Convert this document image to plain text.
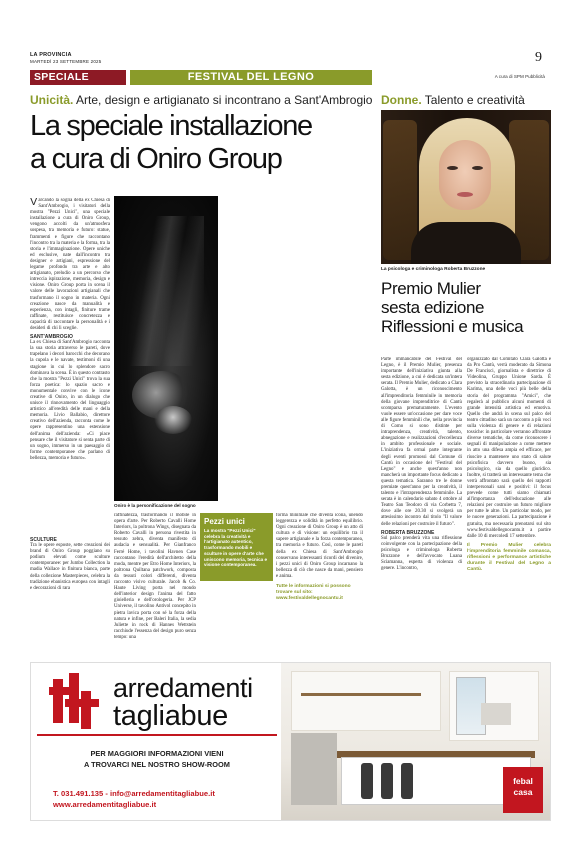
LA PROVINCIA
MARTEDÌ 23 SETTEMBRE 2025	9
SPECIALE	FESTIVAL DEL LEGNO	A cura di SPM Pubblicità
Unicità. Arte, design e artigianato si incontrano a Sant'Ambrogio
La speciale installazione
a cura di Oniro Group

Varcando la soglia della ex Chiesa di Sant'Ambrogio, i visitatori della mostra "Pezzi Unici", una speciale installazione a cura di Oniro Group, vengono accolti da un'atmosfera sospesa, tra memoria e futuro: statue, frammenti e figure che raccontano l'incontro tra la materia e la forma, tra la storia e l'immaginazione. Opere uniche ed esclusive, nate dall'incontro tra designer e artigiani, espressione del legame profondo tra arte e alto artigianato, preludio a un percorso che intreccia ispirazione, memoria, design e visione. Oniro Group porta in scena il valore delle lavorazioni artigianali che trasformano il sogno in materia. Ogni creazione nasce da manualità e esperienza, con intagli, finiture trame raffinate, restituisce concretezza e capacità di raccontare la personalità e i desideri di chi li sceglie.

SANT'AMBROGIO

La ex Chiesa di Sant'Ambrogio racconta la sua storia attraverso le pareti, dove trapelano i decori barocchi che decorano la cupola e le navate, testimoni di una stagione in cui lo splendore sacro dominava la scena. È in questo contrasto che la mostra "Pezzi Unici" trova la sua forza poetica: lo spazio sacro e monumentale convive con le icone creative di Oniro, in un dialogo che unisce il rinnovamento del linguaggio artistico all'eredità delle mani e della memoria. Livio Ballabio, direttore creativo dell'azienda, racconta come le opere rappresentino una estensione dell'anima dell'azienda: «Ci piace pensare che il visitatore si senta parte di un sogno, immerso in un paesaggio di forme contemporanee che parlano di bellezza, memoria e futuro».

SCULTURE

Tra le opere esposte, sette creazioni dei brand di Oniro Group poggiano su podium elevati come sculture contemporanee: per Jumbo Collection la madia Wallace in finitura bianca, parte della collezione Masterpieces, celebra la tradizione ebanistica europea con intagli e decorazioni di rara

Oniro è la personificazione del sogno

raffinatezza, trasformando il mobile in opera d'arte. Per Roberto Cavalli Home Interiors, la poltrona Wings, disegnata da Roberto Cavalli in persona rivestita in tessuto zebra, diventa manifesto di audacia e sensualità. Per Gianfranco Ferré Home, i tavolini Havnen Case raccontano l'eredità dell'architetto della moda, mentre per Etro Home Interiors, la poltrona Quiltana patchwork, composta da tessuti colori differenti, diventa racconto visivo culturale. Jacob & Co. Haute Living porta nel mondo dell'interior design l'anima del fatto gioielleria e dell'orologeria. Per JCP Universe, il tavolino Antivol concepito in pietra lavica porta con sé la forza della natura e infine, per Baleri Italia, la sedia Juliette in rock di Hannes Wettstein racchiude l'essenza del design puro senza tempo: una

Pezzi unici
La mostra "Pezzi Unici" celebra la creatività e l'artigianato autentico, trasformando mobili e sculture in opere d'arte che uniscono memoria, tecnica e visione contemporanea.

forma minimale che diventa icona, unendo leggerezza e solidità in perfetto equilibrio. Ogni creazione di Oniro Group è un atto di cultura e di visione: un equilibrio tra il sapere artigianale e la forza contemporanea, tra memoria e futuro. Così, come le pareti della ex Chiesa di Sant'Ambrogio conservano interessanti ricordi del divenire, i pezzi unici di Oniro Group incarnano la bellezza di ciò che nasce da mani, pensiero e anima.

Tutte le informazioni si possono

trovare sul sito:

www.festivaldellegnocantu.it

Donne. Talento e creatività
La psicologa e criminologa Roberta Bruzzone
Premio Mulier
sesta edizione
Riflessioni e musica

Parte immancabile del Festival del Legno, è il Premio Mulier, presenza importante dell'iniziativa giunta alla sesta edizione, a cui è dedicata un'intera serata. Il Premio Mulier, dedicato a Clara Galotta, è un riconoscimento all'imprenditoria femminile in memoria della giovane imprenditrice di Cantù scomparsa prematuramente. L'evento vuole essere un'occasione per dare voce alle figure femminili che, nella provincia di Como si sono distinte per intraprendenza, creatività, talento, abnegazione e realizzazioni d'eccellenza in ambito professionale e sociale. L'iniziativa fa ormai parte integrante degli eventi promossi dal Comune di Cantù in occasione del "Festival del Legno" e anche quest'anno non mancherà un importante focus dedicato a questa tematica. Saranno tre le donne premiate quest'anno per la creatività, il talento e l'intraprendenza femminile. La serata è in calendario sabato 4 ottobre al Teatro San Teodoro di via Corbetta 7, dove alle ore 20.30 si svolgerà un attesissimo incontro dal titolo "Il valore delle relazioni per costruire il futuro".

ROBERTA BRUZZONE

Sul palco prenderà vita una riflessione coinvolgente con la partecipazione della psicologa e criminologa Roberta Bruzzone e dell'avvocato Luana Sciamanna, esperta di violenza di genere. L'incontro,

organizzato dal Comitato Clara Galotta e da Pro Cantù, verrà moderato da Simona De Francisci, giornalista e direttrice di Videolina, Gruppo Unione Sarda. È previsto la straordinaria partecipazione di Karima, una delle voci più belle della storia del programma "Amici", che regalerà al pubblico alcuni momenti di grande intensità artistica ed emotiva. Quello che andrà in scena sul palco del teatro cittadino sarà un racconto a più voci sulla violenza di genere e di relazioni tossiche: in particolare verranno affrontate diverse tematiche, da come riconoscere i segnali di manipolazione a come mettere in atto una difesa ampia ed efficace, per riuscire a mantenere uno stato di salute psicofisica davvero buono, sia psicologico, sia da quello giuridico. Inoltre, si tratterà un interessante tema che verrà affrontato sarà quello dei rapporti interpersonali sani e positivi: il focus prevede come tutti siamo chiamati all'importanza dell'educazione alle relazioni per costruire un futuro migliore per tutte le altre. Un particolar modo, per le nuove generazioni. La partecipazione è gratuita, ma necessaria prenotarsi sul sito www.festivaldellegnocantu.it a partire dalle 10 di mercoledì 17 settembre.

Il Premio Mulier celebra l'imprenditoria femminile comasca, riflessioni e performance artistiche durante il Festival del Legno a Cantù.

arredamenti
tagliabue
PER MAGGIORI INFORMAZIONI VIENI
A TROVARCI NEL NOSTRO SHOW-ROOM
T. 031.491.135 - info@arredamentitagliabue.it
www.arredamentitagliabue.it
febal
casa
